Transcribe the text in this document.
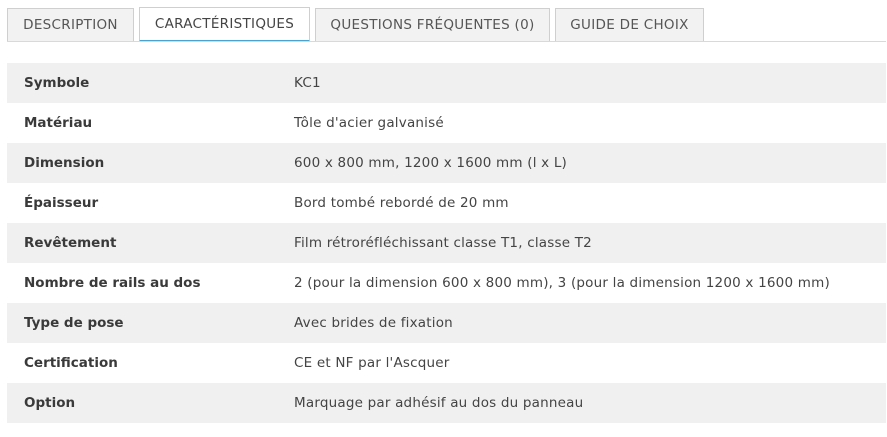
DESCRIPTION	CARACTÉRISTIQUES	QUESTIONS FRÉQUENTES (0)	GUIDE DE CHOIX
Symbole	KC1
Matériau	Tôle d'acier galvanisé
Dimension	600 x 800 mm, 1200 x 1600 mm (l x L)
Épaisseur	Bord tombé rebordé de 20 mm
Revêtement	Film rétroréfléchissant classe T1, classe T2
Nombre de rails au dos	2 (pour la dimension 600 x 800 mm), 3 (pour la dimension 1200 x 1600 mm)
Type de pose	Avec brides de fixation
Certification	CE et NF par l'Ascquer
Option	Marquage par adhésif au dos du panneau
